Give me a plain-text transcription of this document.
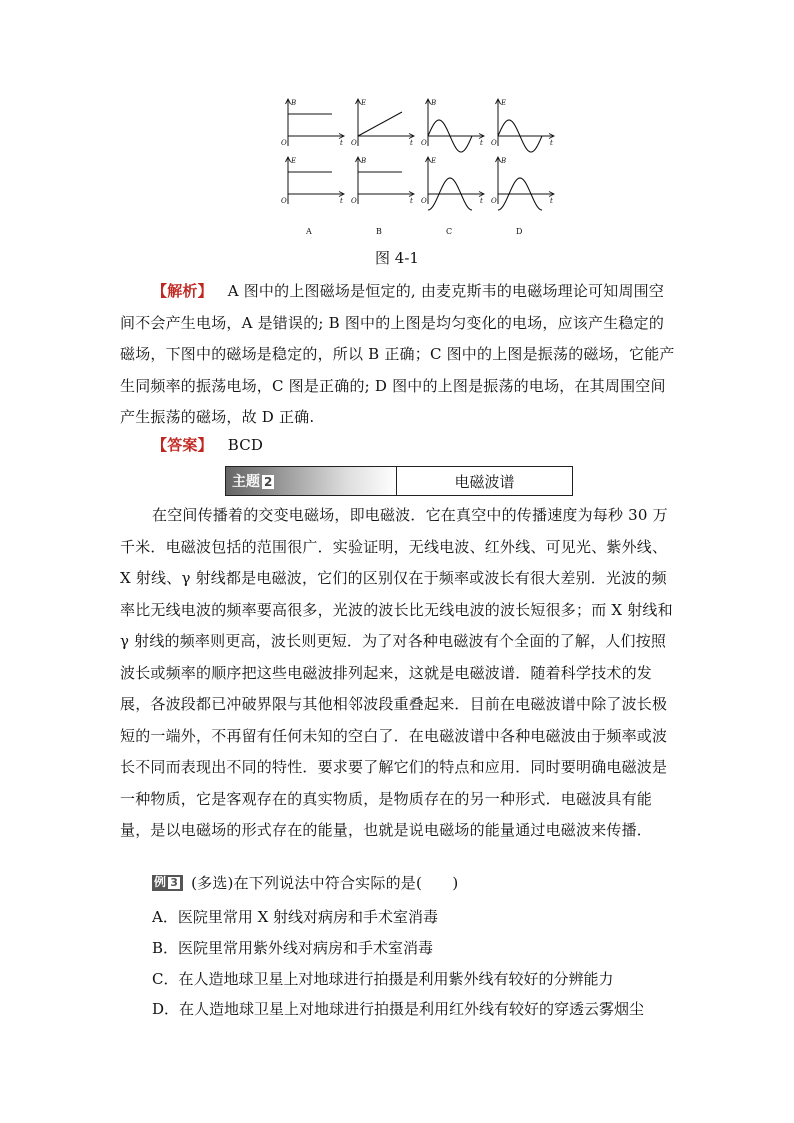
B
t
O
E
t
O
B
t
O
E
t
O
E
t
O
B
t
O
E
t
O
B
t
O
A	B	C	D
图 4-1
【解析】 A 图中的上图磁场是恒定的, 由麦克斯韦的电磁场理论可知周围空间不会产生电场，A 是错误的; B 图中的上图是均匀变化的电场，应该产生稳定的磁场，下图中的磁场是稳定的，所以 B 正确；C 图中的上图是振荡的磁场，它能产生同频率的振荡电场，C 图是正确的; D 图中的上图是振荡的电场，在其周围空间产生振荡的磁场，故 D 正确.
【答案】 BCD
主题 2	电磁波谱
在空间传播着的交变电磁场，即电磁波．它在真空中的传播速度为每秒 30 万千米．电磁波包括的范围很广．实验证明，无线电波、红外线、可见光、紫外线、X 射线、γ 射线都是电磁波，它们的区别仅在于频率或波长有很大差别．光波的频率比无线电波的频率要高很多，光波的波长比无线电波的波长短很多；而 X 射线和 γ 射线的频率则更高，波长则更短．为了对各种电磁波有个全面的了解，人们按照波长或频率的顺序把这些电磁波排列起来，这就是电磁波谱．随着科学技术的发展，各波段都已冲破界限与其他相邻波段重叠起来．目前在电磁波谱中除了波长极短的一端外，不再留有任何未知的空白了．在电磁波谱中各种电磁波由于频率或波长不同而表现出不同的特性．要求要了解它们的特点和应用．同时要明确电磁波是一种物质，它是客观存在的真实物质，是物质存在的另一种形式．电磁波具有能量，是以电磁场的形式存在的能量，也就是说电磁场的能量通过电磁波来传播．
例 3 (多选)在下列说法中符合实际的是(　　)
A．医院里常用 X 射线对病房和手术室消毒
B．医院里常用紫外线对病房和手术室消毒
C．在人造地球卫星上对地球进行拍摄是利用紫外线有较好的分辨能力
D．在人造地球卫星上对地球进行拍摄是利用红外线有较好的穿透云雾烟尘
